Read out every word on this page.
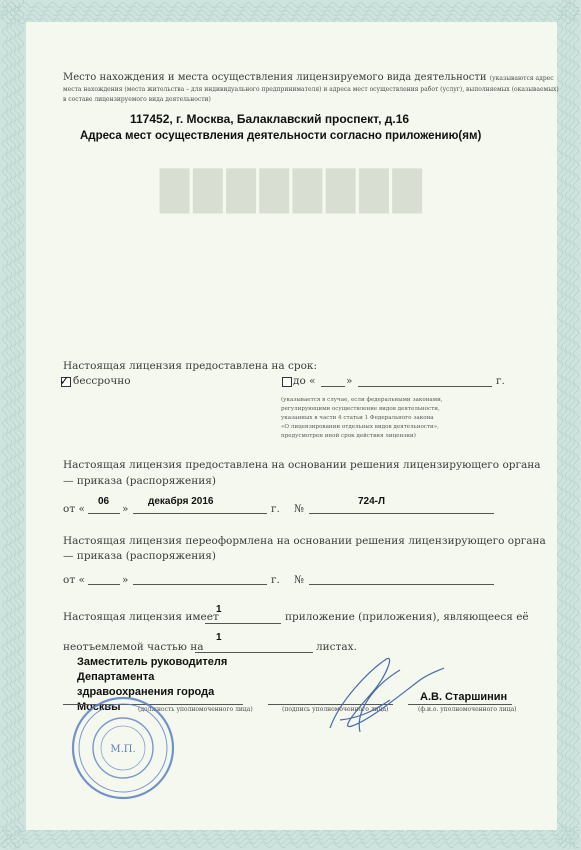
████████
Место нахождения и места осуществления лицензируемого вида деятельности (указываются адрес
места нахождения (места жительства – для индивидуального предпринимателя) и адреса мест осуществления работ (услуг), выполняемых (оказываемых)
в составе лицензируемого вида деятельности)
117452, г. Москва, Балаклавский проспект, д.16
Адреса мест осуществления деятельности согласно приложению(ям)
Настоящая лицензия предоставлена на срок:
✓ бессрочно	до «	»	г.
(указывается в случае, если федеральными законами,
регулирующими осуществление видов деятельности,
указанных в части 4 статьи 1 Федерального закона
«О лицензировании отдельных видов деятельности»,
предусмотрен иной срок действия лицензии)
Настоящая лицензия предоставлена на основании решения лицензирующего органа
— приказа (распоряжения)
от «
06
»
декабря 2016
г. №
724-Л
Настоящая лицензия переоформлена на основании решения лицензирующего органа
— приказа (распоряжения)
от «	»	г. №
Настоящая лицензия имеет
1
приложение (приложения), являющееся её
неотъемлемой частью на
1
листах.
Заместитель руководителя
Департамента
здравоохранения города
Москвы	(должность уполномоченного лица)	(подпись уполномоченного лица)
А.В. Старшинин
(ф.и.о. уполномоченного лица)
М.П.
